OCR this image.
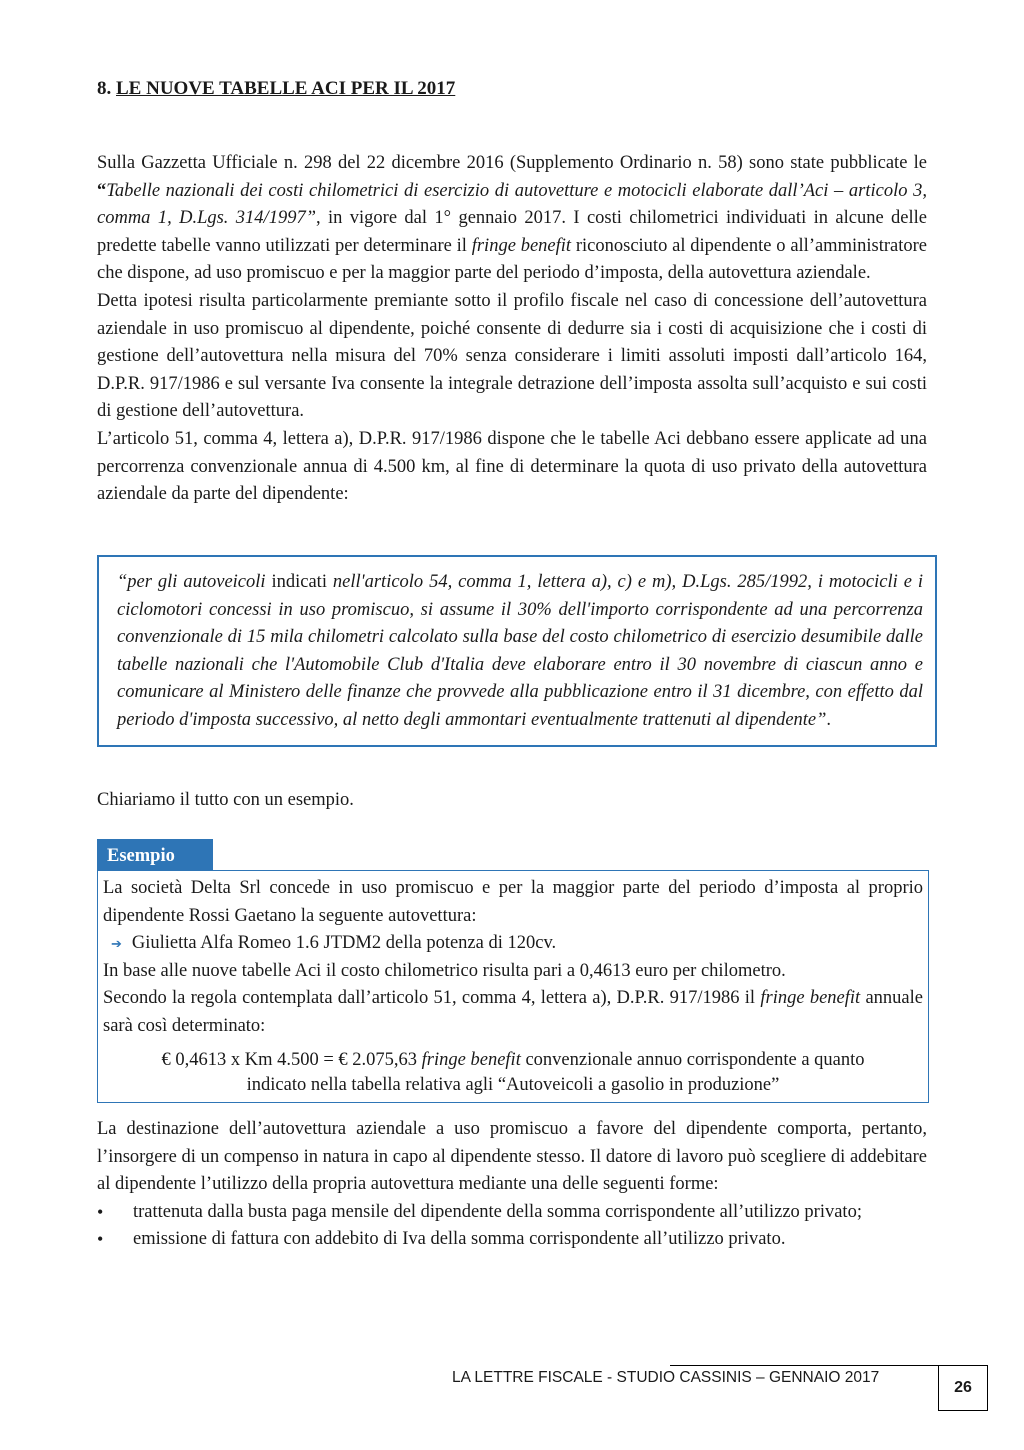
8. LE NUOVE TABELLE ACI PER IL 2017

Sulla Gazzetta Ufficiale n. 298 del 22 dicembre 2016 (Supplemento Ordinario n. 58) sono state pubblicate le “Tabelle nazionali dei costi chilometrici di esercizio di autovetture e motocicli elaborate dall’Aci – articolo 3, comma 1, D.Lgs. 314/1997”, in vigore dal 1° gennaio 2017. I costi chilometrici individuati in alcune delle predette tabelle vanno utilizzati per determinare il fringe benefit riconosciuto al dipendente o all’amministratore che dispone, ad uso promiscuo e per la maggior parte del periodo d’imposta, della autovettura aziendale.

Detta ipotesi risulta particolarmente premiante sotto il profilo fiscale nel caso di concessione dell’autovettura aziendale in uso promiscuo al dipendente, poiché consente di dedurre sia i costi di acquisizione che i costi di gestione dell’autovettura nella misura del 70% senza considerare i limiti assoluti imposti dall’articolo 164, D.P.R. 917/1986 e sul versante Iva consente la integrale detrazione dell’imposta assolta sull’acquisto e sui costi di gestione dell’autovettura.

L’articolo 51, comma 4, lettera a), D.P.R. 917/1986 dispone che le tabelle Aci debbano essere applicate ad una percorrenza convenzionale annua di 4.500 km, al fine di determinare la quota di uso privato della autovettura aziendale da parte del dipendente:

“per gli autoveicoli indicati nell'articolo 54, comma 1, lettera a), c) e m), D.Lgs. 285/1992, i motocicli e i ciclomotori concessi in uso promiscuo, si assume il 30% dell'importo corrispondente ad una percorrenza convenzionale di 15 mila chilometri calcolato sulla base del costo chilometrico di esercizio desumibile dalle tabelle nazionali che l'Automobile Club d'Italia deve elaborare entro il 30 novembre di ciascun anno e comunicare al Ministero delle finanze che provvede alla pubblicazione entro il 31 dicembre, con effetto dal periodo d'imposta successivo, al netto degli ammontari eventualmente trattenuti al dipendente”.

Chiariamo il tutto con un esempio.

Esempio

La società Delta Srl concede in uso promiscuo e per la maggior parte del periodo d’imposta al proprio dipendente Rossi Gaetano la seguente autovettura:

➔ Giulietta Alfa Romeo 1.6 JTDM2 della potenza di 120cv.

In base alle nuove tabelle Aci il costo chilometrico risulta pari a 0,4613 euro per chilometro.

Secondo la regola contemplata dall’articolo 51, comma 4, lettera a), D.P.R. 917/1986 il fringe benefit annuale sarà così determinato:

€ 0,4613 x Km 4.500 = € 2.075,63 fringe benefit convenzionale annuo corrispondente a quanto

indicato nella tabella relativa agli “Autoveicoli a gasolio in produzione”

La destinazione dell’autovettura aziendale a uso promiscuo a favore del dipendente comporta, pertanto, l’insorgere di un compenso in natura in capo al dipendente stesso. Il datore di lavoro può scegliere di addebitare al dipendente l’utilizzo della propria autovettura mediante una delle seguenti forme:

•	trattenuta dalla busta paga mensile del dipendente della somma corrispondente all’utilizzo privato;

•	emissione di fattura con addebito di Iva della somma corrispondente all’utilizzo privato.

LA LETTRE FISCALE - STUDIO CASSINIS – GENNAIO 2017
26
